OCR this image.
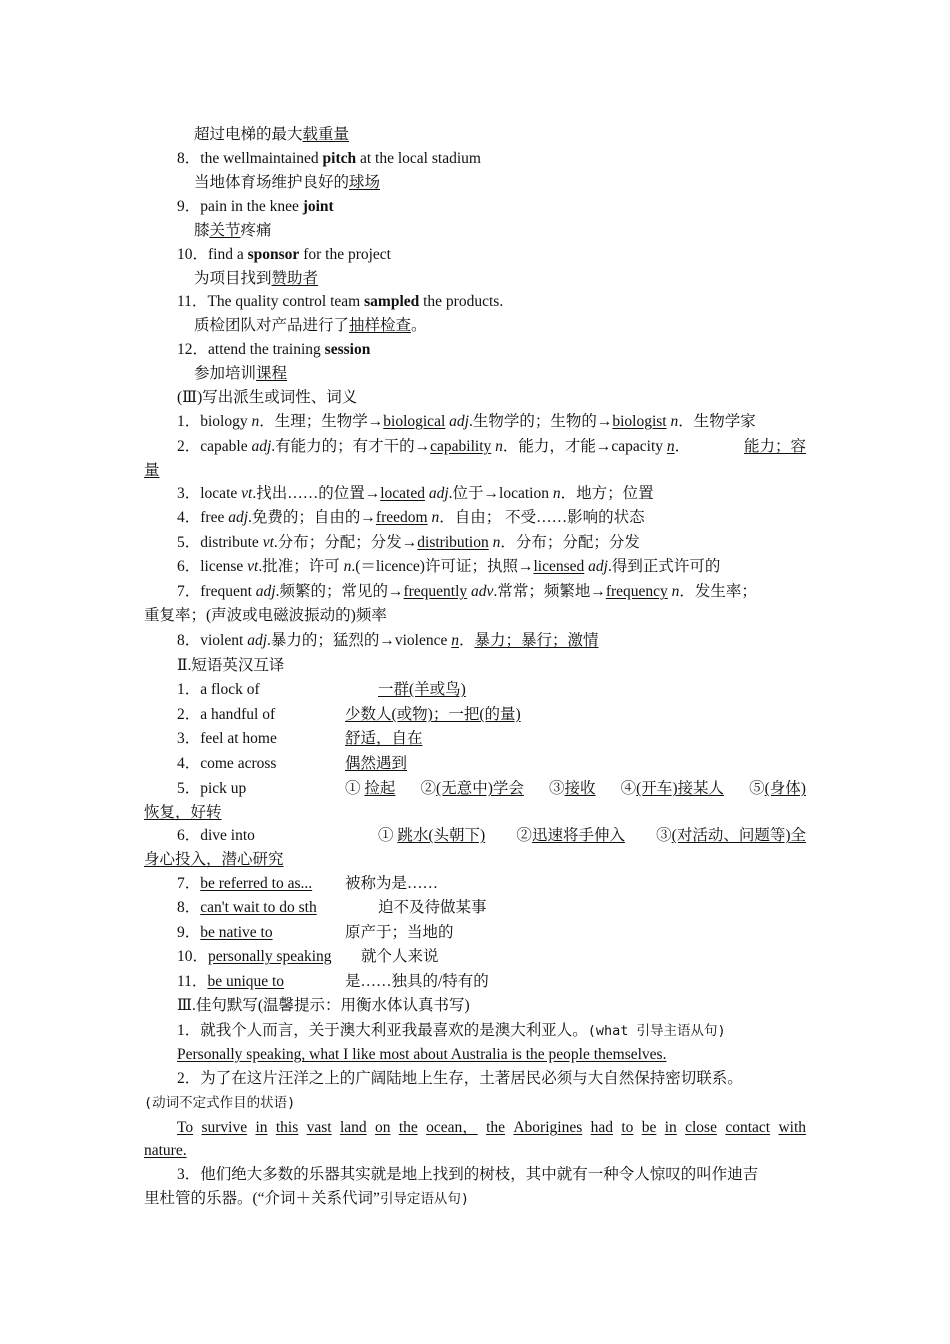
超过电梯的最大载重量
8．the wellmaintained pitch at the local stadium
当地体育场维护良好的球场
9．pain in the knee joint
膝关节疼痛
10．find a sponsor for the project
为项目找到赞助者
11．The quality control team sampled the products.
质检团队对产品进行了抽样检查。
12．attend the training session
参加培训课程
(Ⅲ)写出派生或词性、词义
1．biology n．生理；生物学→biological adj.生物学的；生物的→biologist n．生物学家
2．capable adj.有能力的；有才干的→capability n．能力，才能→capacity n．	能力；容
量
3．locate vt.找出……的位置→located adj.位于→location n．地方；位置
4．free adj.免费的；自由的→freedom n．自由； 不受……影响的状态
5．distribute vt.分布；分配；分发→distribution n．分布；分配；分发
6．license vt.批准；许可 n.(＝licence)许可证；执照→licensed adj.得到正式许可的
7．frequent adj.频繁的；常见的→frequently adv.常常；频繁地→frequency n．发生率；
重复率；(声波或电磁波振动的)频率
8．violent adj.暴力的；猛烈的→violence n．暴力；暴行；激情
Ⅱ.短语英汉互译
1．a flock of	一群(羊或鸟)
2．a handful of	少数人(或物)；一把(的量)
3．feel at home	舒适，自在
4．come across	偶然遇到
5．pick up	① 捡起 ②(无意中)学会 ③接收 ④(开车)接某人 ⑤(身体)
恢复，好转
6．dive into	① 跳水(头朝下) ②迅速将手伸入 ③(对活动、问题等)全
身心投入，潜心研究
7．be referred to as... 被称为是……
8．can't wait to do sth	迫不及待做某事
9．be native to	原产于；当地的
10．personally speaking 就个人来说
11．be unique to	是……独具的/特有的
Ⅲ.佳句默写(温馨提示：用衡水体认真书写)
1．就我个人而言，关于澳大利亚我最喜欢的是澳大利亚人。(what 引导主语从句)
Personally speaking, what I like most about Australia is the people themselves.
2．为了在这片汪洋之上的广阔陆地上生存，土著居民必须与大自然保持密切联系。
(动词不定式作目的状语)
To survive in this vast land on the ocean， the Aborigines had to be in close contact with
nature.
3．他们绝大多数的乐器其实就是地上找到的树枝，其中就有一种令人惊叹的叫作迪吉
里杜管的乐器。(“介词＋关系代词”引导定语从句)
